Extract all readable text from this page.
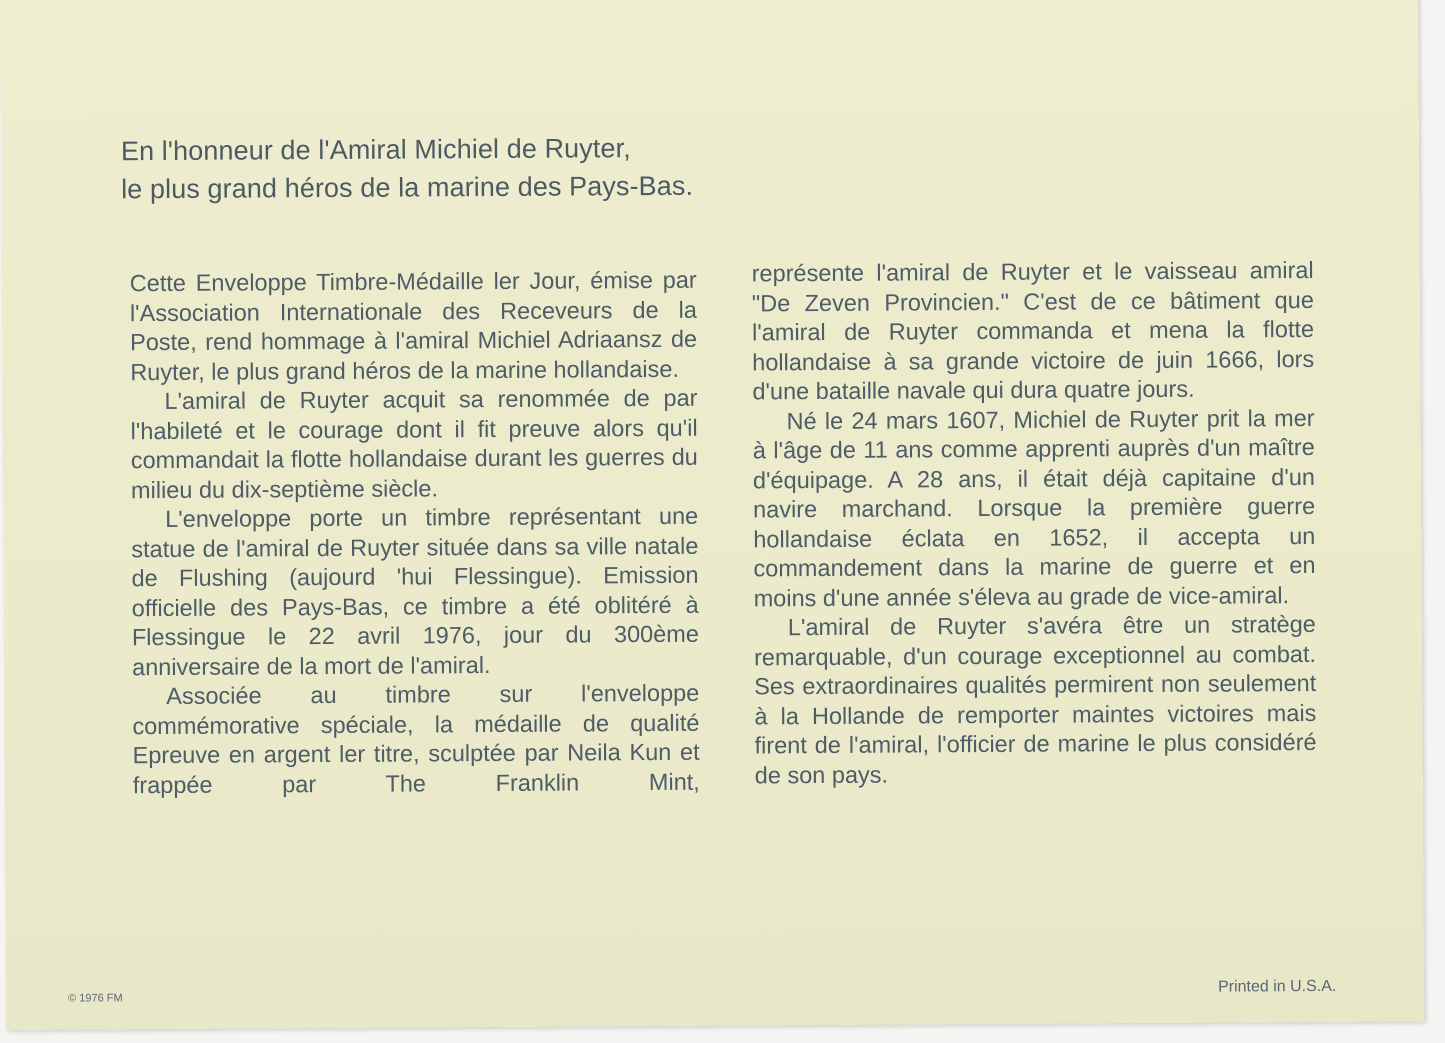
En l'honneur de l'Amiral Michiel de Ruyter,
le plus grand héros de la marine des Pays-Bas.

Cette Enveloppe Timbre-Médaille ler Jour, émise par l'Association Internationale des Receveurs de la Poste, rend hommage à l'amiral Michiel Adriaansz de Ruyter, le plus grand héros de la marine hollandaise.

L'amiral de Ruyter acquit sa renommée de par l'habileté et le courage dont il fit preuve alors qu'il commandait la flotte hollandaise durant les guerres du milieu du dix-septième siècle.

L'enveloppe porte un timbre représentant une statue de l'amiral de Ruyter située dans sa ville natale de Flushing (aujourd 'hui Flessingue). Emission officielle des Pays-Bas, ce timbre a été oblitéré à Flessingue le 22 avril 1976, jour du 300ème anniversaire de la mort de l'amiral.

Associée au timbre sur l'enveloppe commémorative spéciale, la médaille de qualité Epreuve en argent ler titre, sculptée par Neila Kun et frappée par The Franklin Mint,

représente l'amiral de Ruyter et le vaisseau amiral "De Zeven Provincien." C'est de ce bâtiment que l'amiral de Ruyter commanda et mena la flotte hollandaise à sa grande victoire de juin 1666, lors d'une bataille navale qui dura quatre jours.

Né le 24 mars 1607, Michiel de Ruyter prit la mer à l'âge de 11 ans comme apprenti auprès d'un maître d'équipage. A 28 ans, il était déjà capitaine d'un navire marchand. Lorsque la première guerre hollandaise éclata en 1652, il accepta un commandement dans la marine de guerre et en moins d'une année s'éleva au grade de vice-amiral.

L'amiral de Ruyter s'avéra être un stratège remarquable, d'un courage exceptionnel au combat. Ses extraordinaires qualités permirent non seulement à la Hollande de remporter maintes victoires mais firent de l'amiral, l'officier de marine le plus considéré de son pays.

© 1976 FM
Printed in U.S.A.
